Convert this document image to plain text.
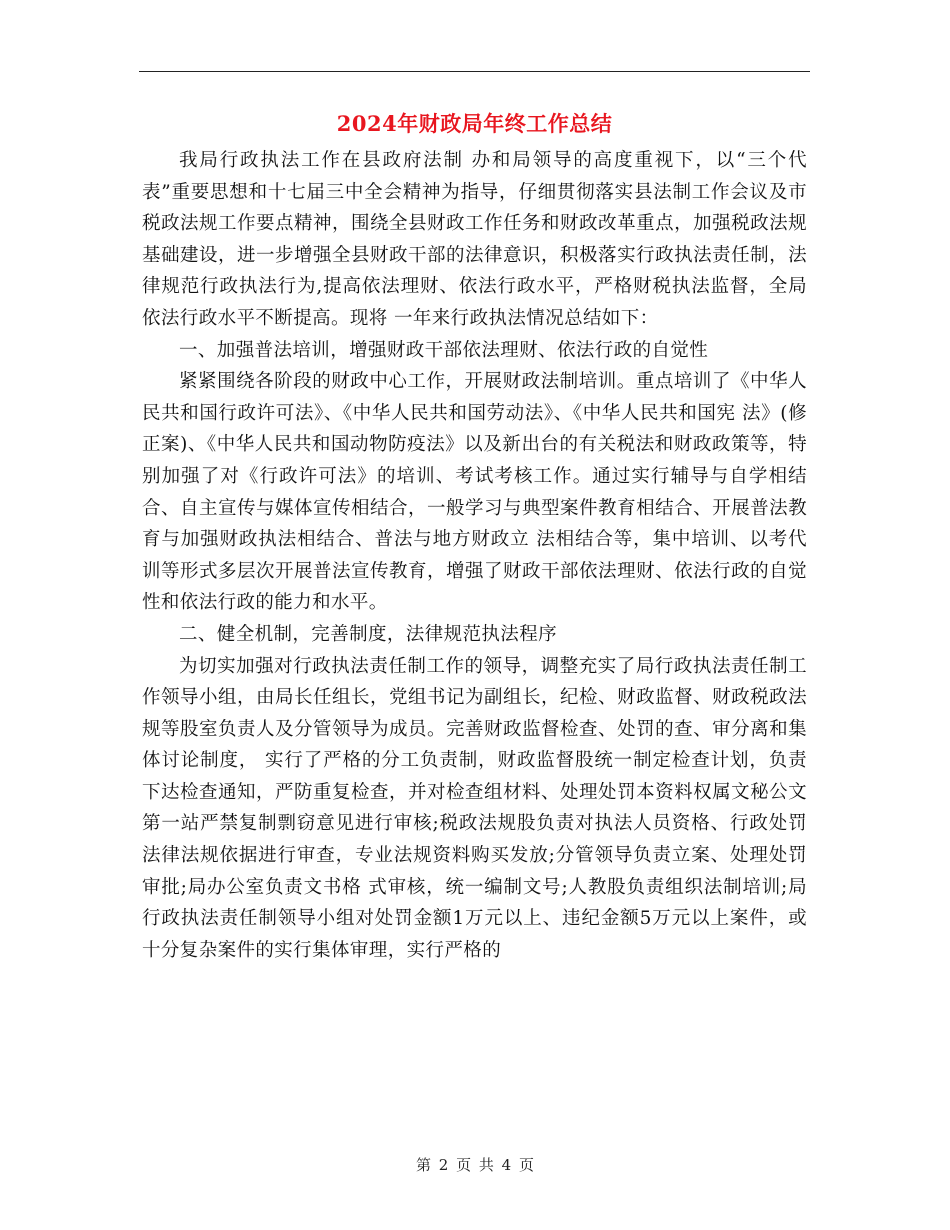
2024年财政局年终工作总结

我局行政执法工作在县政府法制 办和局领导的高度重视下，以“三个代表”重要思想和十七届三中全会精神为指导，仔细贯彻落实县法制工作会议及市税政法规工作要点精神，围绕全县财政工作任务和财政改革重点，加强税政法规基础建设，进一步增强全县财政干部的法律意识，积极落实行政执法责任制，法律规范行政执法行为,提高依法理财、依法行政水平，严格财税执法监督，全局依法行政水平不断提高。现将 一年来行政执法情况总结如下：

一、加强普法培训，增强财政干部依法理财、依法行政的自觉性

紧紧围绕各阶段的财政中心工作，开展财政法制培训。重点培训了《中华人民共和国行政许可法》、《中华人民共和国劳动法》、《中华人民共和国宪 法》(修正案)、《中华人民共和国动物防疫法》以及新出台的有关税法和财政政策等，特别加强了对《行政许可法》的培训、考试考核工作。通过实行辅导与自学相结合、自主宣传与媒体宣传相结合，一般学习与典型案件教育相结合、开展普法教育与加强财政执法相结合、普法与地方财政立 法相结合等，集中培训、以考代训等形式多层次开展普法宣传教育，增强了财政干部依法理财、依法行政的自觉性和依法行政的能力和水平。

二、健全机制，完善制度，法律规范执法程序

为切实加强对行政执法责任制工作的领导，调整充实了局行政执法责任制工作领导小组，由局长任组长，党组书记为副组长，纪检、财政监督、财政税政法规等股室负责人及分管领导为成员。完善财政监督检查、处罚的查、审分离和集体讨论制度， 实行了严格的分工负责制，财政监督股统一制定检查计划，负责下达检查通知，严防重复检查，并对检查组材料、处理处罚本资料权属文秘公文第一站严禁复制剽窃意见进行审核;税政法规股负责对执法人员资格、行政处罚法律法规依据进行审查，专业法规资料购买发放;分管领导负责立案、处理处罚审批;局办公室负责文书格 式审核，统一编制文号;人教股负责组织法制培训;局行政执法责任制领导小组对处罚金额1万元以上、违纪金额5万元以上案件，或十分复杂案件的实行集体审理，实行严格的

第 2 页 共 4 页
